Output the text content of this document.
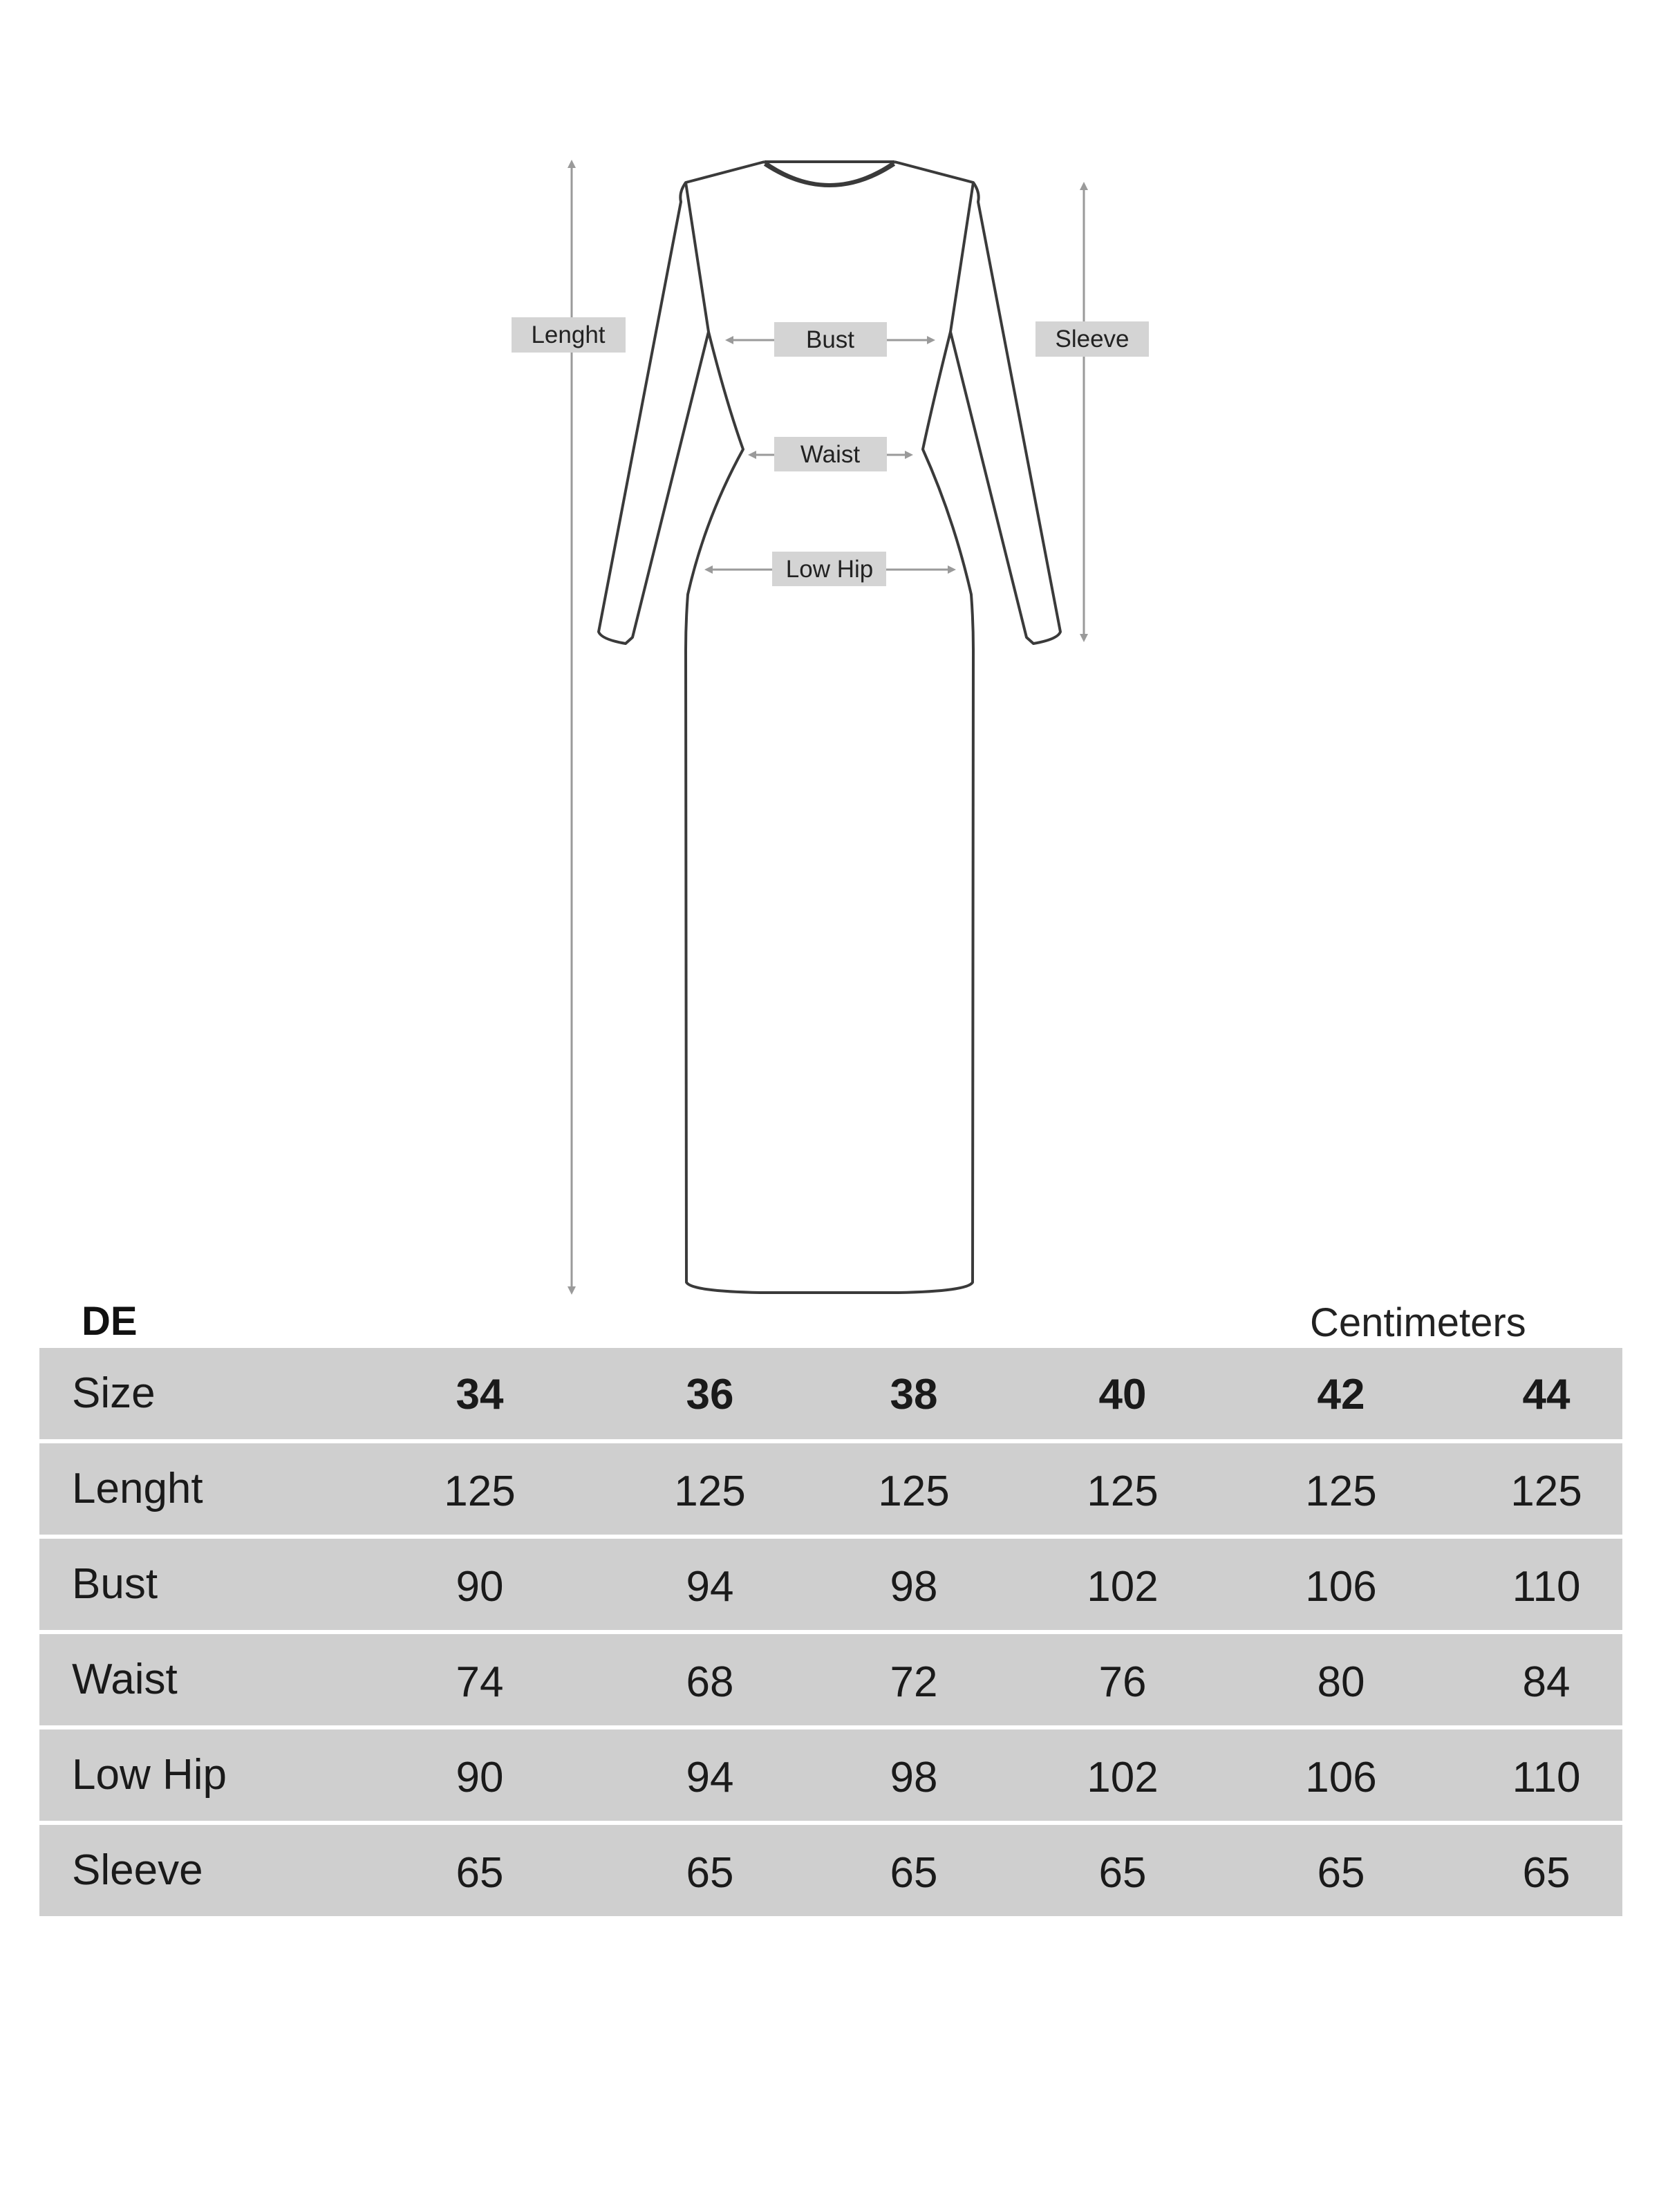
Lenght	Sleeve
Bust
Waist
Low Hip
DE	Centimeters
Size	34	36	38	40	42	44
Lenght	125	125	125	125	125	125
Bust	90	94	98	102	106	110
Waist	74	68	72	76	80	84
Low Hip	90	94	98	102	106	110
Sleeve	65	65	65	65	65	65
